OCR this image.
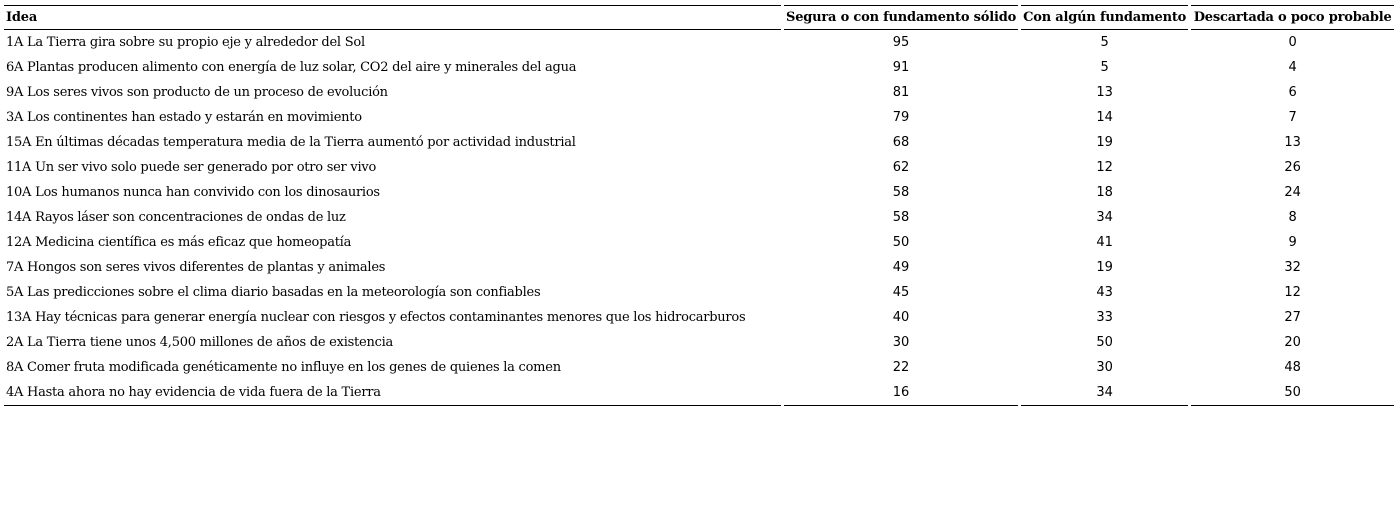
Idea	Segura o con fundamento sólido	Con algún fundamento	Descartada o poco probable
1A La Tierra gira sobre su propio eje y alrededor del Sol	95	5	0
6A Plantas producen alimento con energía de luz solar, CO2 del aire y minerales del agua	91	5	4
9A Los seres vivos son producto de un proceso de evolución	81	13	6
3A Los continentes han estado y estarán en movimiento	79	14	7
15A En últimas décadas temperatura media de la Tierra aumentó por actividad industrial	68	19	13
11A Un ser vivo solo puede ser generado por otro ser vivo	62	12	26
10A Los humanos nunca han convivido con los dinosaurios	58	18	24
14A Rayos láser son concentraciones de ondas de luz	58	34	8
12A Medicina científica es más eficaz que homeopatía	50	41	9
7A Hongos son seres vivos diferentes de plantas y animales	49	19	32
5A Las predicciones sobre el clima diario basadas en la meteorología son confiables	45	43	12
13A Hay técnicas para generar energía nuclear con riesgos y efectos contaminantes menores que los hidrocarburos	40	33	27
2A La Tierra tiene unos 4,500 millones de años de existencia	30	50	20
8A Comer fruta modificada genéticamente no influye en los genes de quienes la comen	22	30	48
4A Hasta ahora no hay evidencia de vida fuera de la Tierra	16	34	50
